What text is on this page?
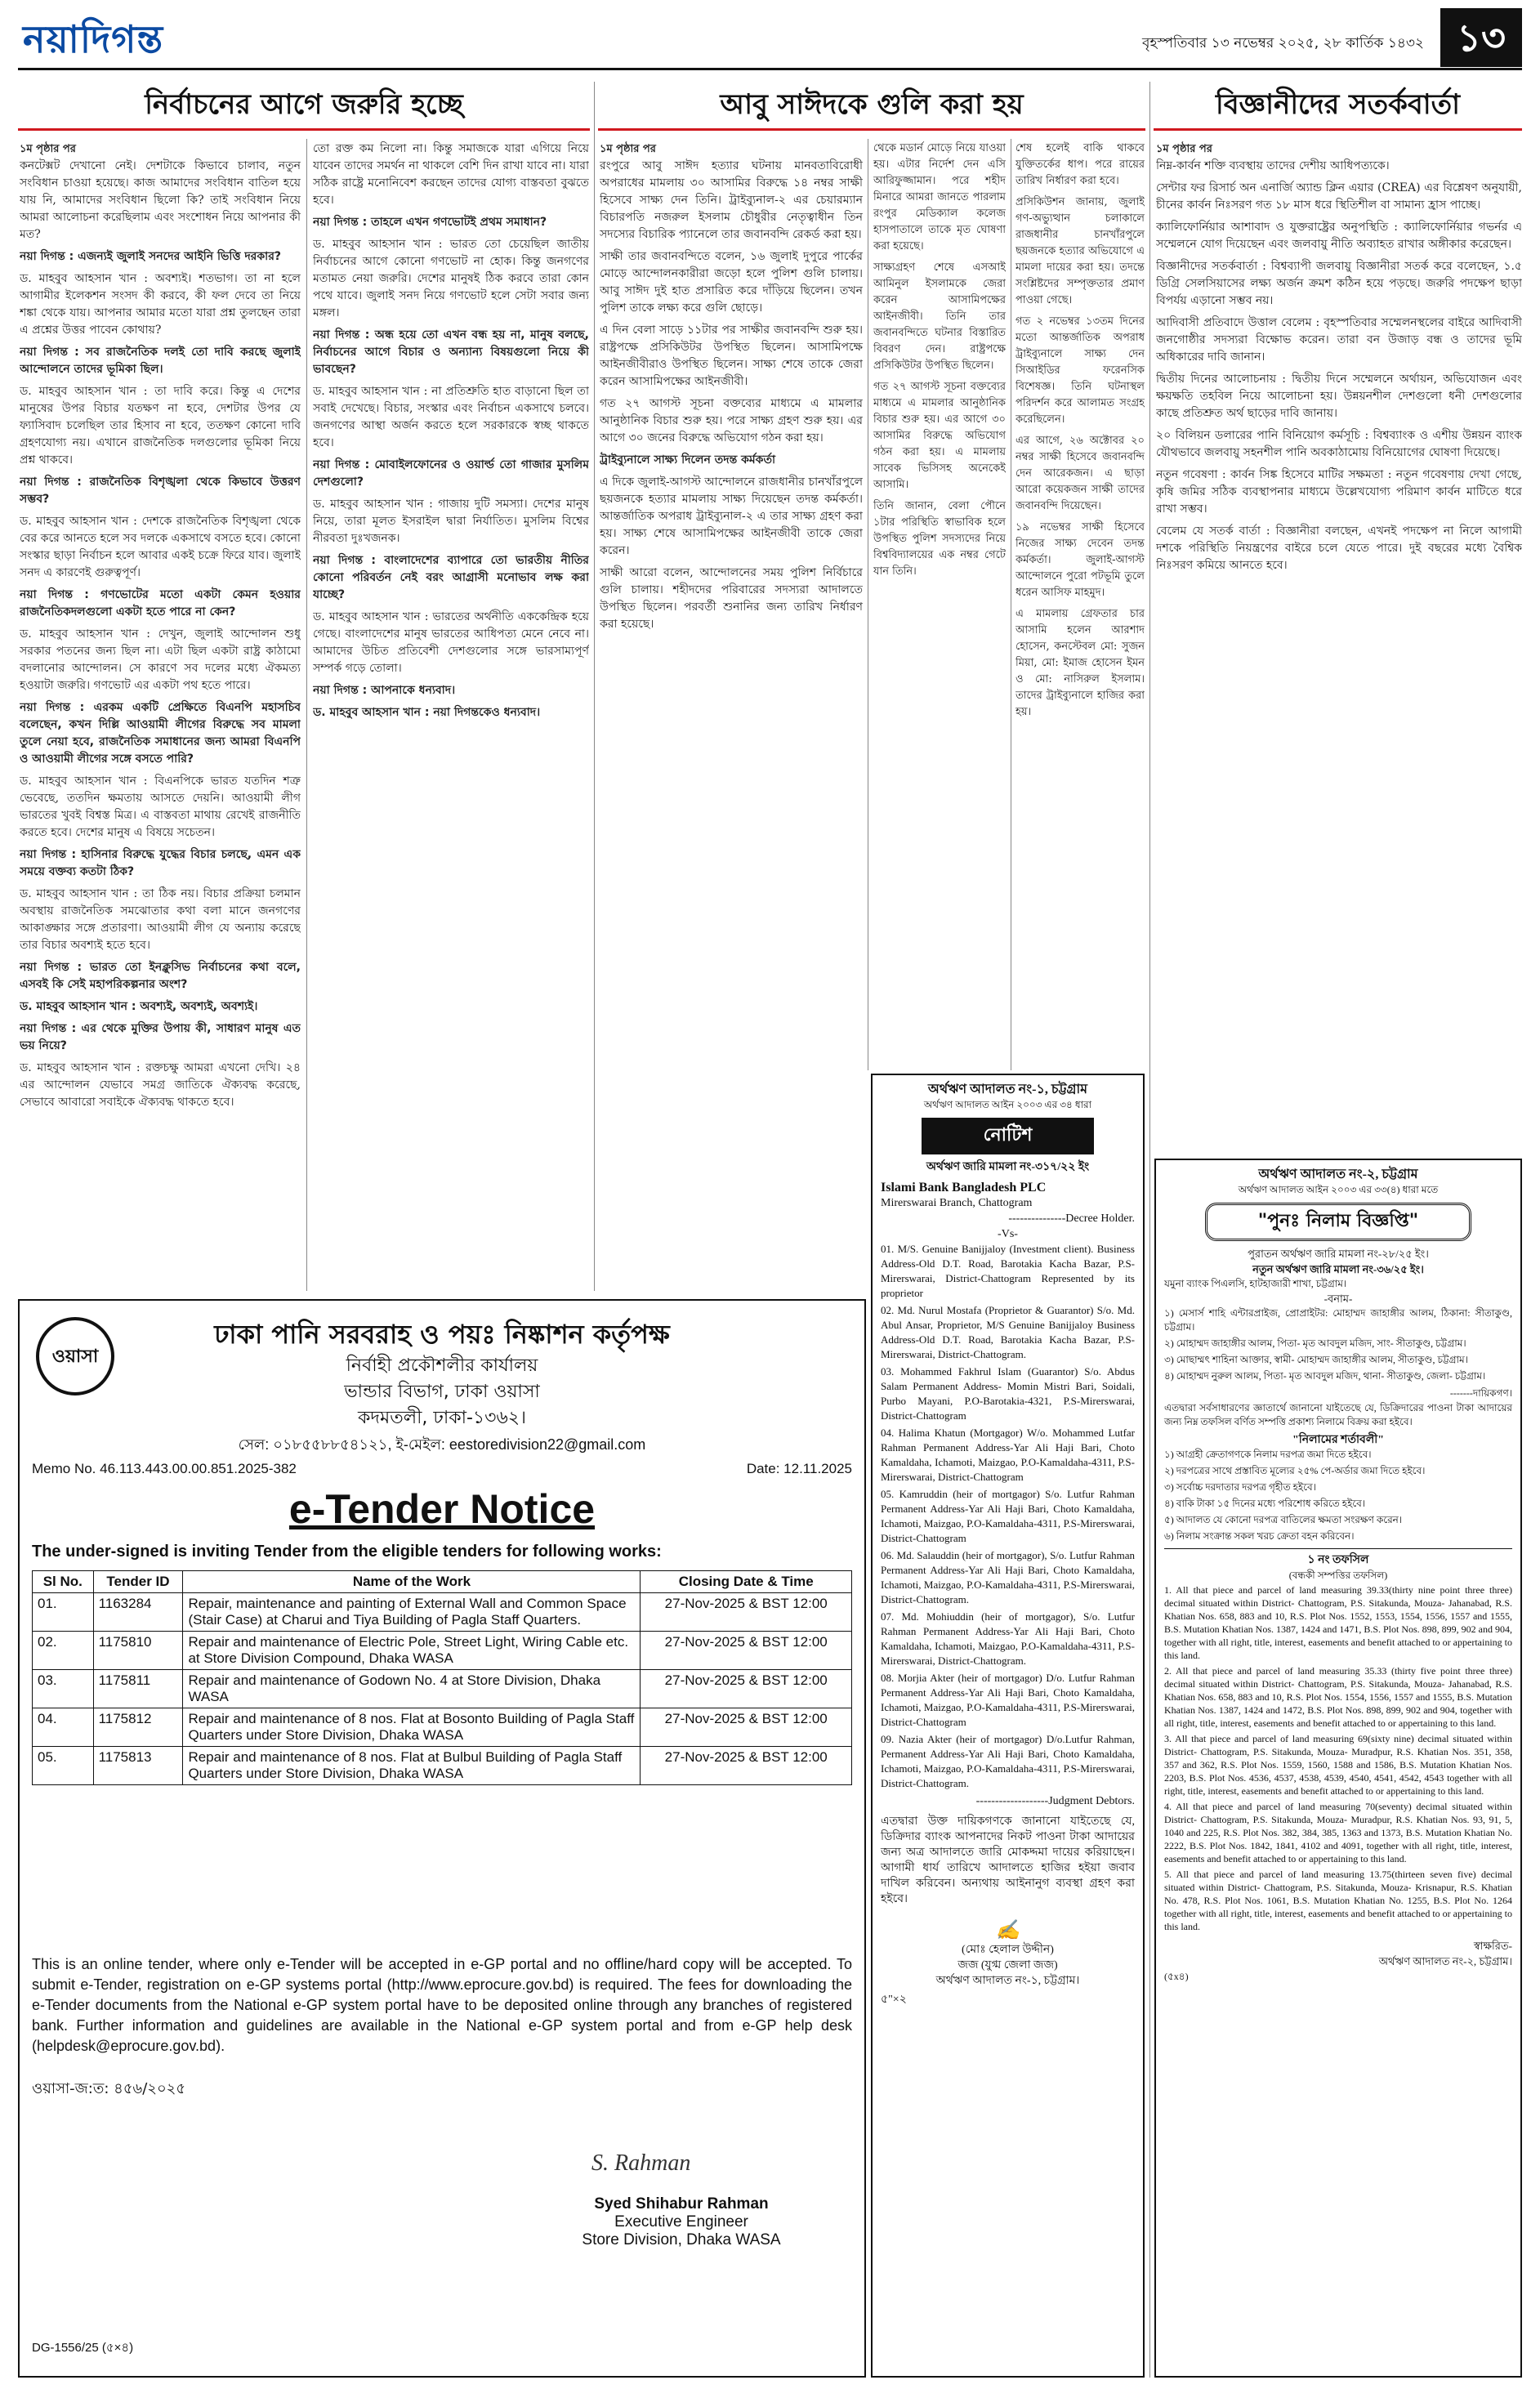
নয়াদিগন্ত	বৃহস্পতিবার ১৩ নভেম্বর ২০২৫, ২৮ কার্তিক ১৪৩২ ১৩
নির্বাচনের আগে জরুরি হচ্ছে	আবু সাঈদকে গুলি করা হয়	বিজ্ঞানীদের সতর্কবার্তা
১ম পৃষ্ঠার পর

কনটেক্সট দেখানো নেই। দেশটাকে কিভাবে চালাব, নতুন সংবিধান চাওয়া হয়েছে। কাজ আমাদের সংবিধান বাতিল হয়ে যায় নি, আমাদের সংবিধান ছিলো কি? তাই সংবিধান নিয়ে আমরা আলোচনা করেছিলাম এবং সংশোধন নিয়ে আপনার কী মত?

নয়া দিগন্ত : এজন্যই জুলাই সনদের আইনি ভিত্তি দরকার?

ড. মাহবুব আহসান খান : অবশ্যই। শতভাগ। তা না হলে আগামীর ইলেকশন সংসদ কী করবে, কী ফল দেবে তা নিয়ে শঙ্কা থেকে যায়। আপনার আমার মতো যারা প্রশ্ন তুলছেন তারা এ প্রশ্নের উত্তর পাবেন কোথায়?

নয়া দিগন্ত : সব রাজনৈতিক দলই তো দাবি করছে জুলাই আন্দোলনে তাদের ভূমিকা ছিল।

ড. মাহবুব আহসান খান : তা দাবি করে। কিন্তু এ দেশের মানুষের উপর বিচার যতক্ষণ না হবে, দেশটার উপর যে ফ্যাসিবাদ চলেছিল তার হিসাব না হবে, ততক্ষণ কোনো দাবি গ্রহণযোগ্য নয়। এখানে রাজনৈতিক দলগুলোর ভূমিকা নিয়ে প্রশ্ন থাকবে।

নয়া দিগন্ত : রাজনৈতিক বিশৃঙ্খলা থেকে কিভাবে উত্তরণ সম্ভব?

ড. মাহবুব আহসান খান : দেশকে রাজনৈতিক বিশৃঙ্খলা থেকে বের করে আনতে হলে সব দলকে একসাথে বসতে হবে। কোনো সংস্কার ছাড়া নির্বাচন হলে আবার একই চক্রে ফিরে যাব। জুলাই সনদ এ কারণেই গুরুত্বপূর্ণ।

নয়া দিগন্ত : গণভোটের মতো একটা কেমন হওয়ার রাজনৈতিকদলগুলো একটা হতে পারে না কেন?

ড. মাহবুব আহসান খান : দেখুন, জুলাই আন্দোলন শুধু সরকার পতনের জন্য ছিল না। এটা ছিল একটা রাষ্ট্র কাঠামো বদলানোর আন্দোলন। সে কারণে সব দলের মধ্যে ঐকমত্য হওয়াটা জরুরি। গণভোট এর একটা পথ হতে পারে।

নয়া দিগন্ত : এরকম একটি প্রেক্ষিতে বিএনপি মহাসচিব বলেছেন, কখন দিল্লি আওয়ামী লীগের বিরুদ্ধে সব মামলা তুলে নেয়া হবে, রাজনৈতিক সমাধানের জন্য আমরা বিএনপি ও আওয়ামী লীগের সঙ্গে বসতে পারি?

ড. মাহবুব আহসান খান : বিএনপিকে ভারত যতদিন শত্রু ভেবেছে, ততদিন ক্ষমতায় আসতে দেয়নি। আওয়ামী লীগ ভারতের খুবই বিশ্বস্ত মিত্র। এ বাস্তবতা মাথায় রেখেই রাজনীতি করতে হবে। দেশের মানুষ এ বিষয়ে সচেতন।

নয়া দিগন্ত : হাসিনার বিরুদ্ধে যুদ্ধের বিচার চলছে, এমন এক সময়ে বক্তব্য কতটা ঠিক?

ড. মাহবুব আহসান খান : তা ঠিক নয়। বিচার প্রক্রিয়া চলমান অবস্থায় রাজনৈতিক সমঝোতার কথা বলা মানে জনগণের আকাঙ্ক্ষার সঙ্গে প্রতারণা। আওয়ামী লীগ যে অন্যায় করেছে তার বিচার অবশ্যই হতে হবে।

নয়া দিগন্ত : ভারত তো ইনক্লুসিভ নির্বাচনের কথা বলে, এসবই কি সেই মহাপরিকল্পনার অংশ?

ড. মাহবুব আহসান খান : অবশ্যই, অবশ্যই, অবশ্যই।

নয়া দিগন্ত : এর থেকে মুক্তির উপায় কী, সাধারণ মানুষ এত ভয় নিয়ে?

ড. মাহবুব আহসান খান : রক্তচক্ষু আমরা এখনো দেখি। ২৪ এর আন্দোলন যেভাবে সমগ্র জাতিকে ঐক্যবদ্ধ করেছে, সেভাবে আবারো সবাইকে ঐক্যবদ্ধ থাকতে হবে।

তো রক্ত কম নিলো না। কিন্তু সমাজকে যারা এগিয়ে নিয়ে যাবেন তাদের সমর্থন না থাকলে বেশি দিন রাখা যাবে না। যারা সঠিক রাষ্ট্রে মনোনিবেশ করছেন তাদের যোগ্য বাস্তবতা বুঝতে হবে।

নয়া দিগন্ত : তাহলে এখন গণভোটই প্রথম সমাধান?

ড. মাহবুব আহসান খান : ভারত তো চেয়েছিল জাতীয় নির্বাচনের আগে কোনো গণভোট না হোক। কিন্তু জনগণের মতামত নেয়া জরুরি। দেশের মানুষই ঠিক করবে তারা কোন পথে যাবে। জুলাই সনদ নিয়ে গণভোট হলে সেটা সবার জন্য মঙ্গল।

নয়া দিগন্ত : অন্ধ হয়ে তো এখন বন্ধ হয় না, মানুষ বলছে, নির্বাচনের আগে বিচার ও অন্যান্য বিষয়গুলো নিয়ে কী ভাবছেন?

ড. মাহবুব আহসান খান : না প্রতিশ্রুতি হাত বাড়ানো ছিল তা সবাই দেখেছে। বিচার, সংস্কার এবং নির্বাচন একসাথে চলবে। জনগণের আস্থা অর্জন করতে হলে সরকারকে স্বচ্ছ থাকতে হবে।

নয়া দিগন্ত : মোবাইলফোনের ও ওয়ার্ল্ড তো গাজার মুসলিম দেশগুলো?

ড. মাহবুব আহসান খান : গাজায় দুটি সমস্যা। দেশের মানুষ নিয়ে, তারা মূলত ইসরাইল দ্বারা নির্যাতিত। মুসলিম বিশ্বের নীরবতা দুঃখজনক।

নয়া দিগন্ত : বাংলাদেশের ব্যাপারে তো ভারতীয় নীতির কোনো পরিবর্তন নেই বরং আগ্রাসী মনোভাব লক্ষ করা যাচ্ছে?

ড. মাহবুব আহসান খান : ভারতের অর্থনীতি এককেন্দ্রিক হয়ে গেছে। বাংলাদেশের মানুষ ভারতের আধিপত্য মেনে নেবে না। আমাদের উচিত প্রতিবেশী দেশগুলোর সঙ্গে ভারসাম্যপূর্ণ সম্পর্ক গড়ে তোলা।

নয়া দিগন্ত : আপনাকে ধন্যবাদ।

ড. মাহবুব আহসান খান : নয়া দিগন্তকেও ধন্যবাদ।

১ম পৃষ্ঠার পর

রংপুরে আবু সাঈদ হত্যার ঘটনায় মানবতাবিরোধী অপরাধের মামলায় ৩০ আসামির বিরুদ্ধে ১৪ নম্বর সাক্ষী হিসেবে সাক্ষ্য দেন তিনি। ট্রাইব্যুনাল-২ এর চেয়ারম্যান বিচারপতি নজরুল ইসলাম চৌধুরীর নেতৃত্বাধীন তিন সদস্যের বিচারিক প্যানেলে তার জবানবন্দি রেকর্ড করা হয়।

সাক্ষী তার জবানবন্দিতে বলেন, ১৬ জুলাই দুপুরে পার্কের মোড়ে আন্দোলনকারীরা জড়ো হলে পুলিশ গুলি চালায়। আবু সাঈদ দুই হাত প্রসারিত করে দাঁড়িয়ে ছিলেন। তখন পুলিশ তাকে লক্ষ্য করে গুলি ছোড়ে।

এ দিন বেলা সাড়ে ১১টার পর সাক্ষীর জবানবন্দি শুরু হয়। রাষ্ট্রপক্ষে প্রসিকিউটর উপস্থিত ছিলেন। আসামিপক্ষে আইনজীবীরাও উপস্থিত ছিলেন। সাক্ষ্য শেষে তাকে জেরা করেন আসামিপক্ষের আইনজীবী।

গত ২৭ আগস্ট সূচনা বক্তব্যের মাধ্যমে এ মামলার আনুষ্ঠানিক বিচার শুরু হয়। পরে সাক্ষ্য গ্রহণ শুরু হয়। এর আগে ৩০ জনের বিরুদ্ধে অভিযোগ গঠন করা হয়।

ট্রাইব্যুনালে সাক্ষ্য দিলেন তদন্ত কর্মকর্তা

এ দিকে জুলাই-আগস্ট আন্দোলনে রাজধানীর চানখাঁরপুলে ছয়জনকে হত্যার মামলায় সাক্ষ্য দিয়েছেন তদন্ত কর্মকর্তা। আন্তর্জাতিক অপরাধ ট্রাইব্যুনাল-২ এ তার সাক্ষ্য গ্রহণ করা হয়। সাক্ষ্য শেষে আসামিপক্ষের আইনজীবী তাকে জেরা করেন।

সাক্ষী আরো বলেন, আন্দোলনের সময় পুলিশ নির্বিচারে গুলি চালায়। শহীদদের পরিবারের সদস্যরা আদালতে উপস্থিত ছিলেন। পরবর্তী শুনানির জন্য তারিখ নির্ধারণ করা হয়েছে।

থেকে মডার্ন মোড়ে নিয়ে যাওয়া হয়। এটার নির্দেশ দেন এসি আরিফুজ্জামান। পরে শহীদ মিনারে আমরা জানতে পারলাম রংপুর মেডিক্যাল কলেজ হাসপাতালে তাকে মৃত ঘোষণা করা হয়েছে।

সাক্ষ্যগ্রহণ শেষে এসআই আমিনুল ইসলামকে জেরা করেন আসামিপক্ষের আইনজীবী। তিনি তার জবানবন্দিতে ঘটনার বিস্তারিত বিবরণ দেন। রাষ্ট্রপক্ষে প্রসিকিউটর উপস্থিত ছিলেন।

গত ২৭ আগস্ট সূচনা বক্তব্যের মাধ্যমে এ মামলার আনুষ্ঠানিক বিচার শুরু হয়। এর আগে ৩০ আসামির বিরুদ্ধে অভিযোগ গঠন করা হয়। এ মামলায় সাবেক ভিসিসহ অনেকেই আসামি।

তিনি জানান, বেলা পৌনে ১টার পরিস্থিতি স্বাভাবিক হলে উপস্থিত পুলিশ সদস্যদের নিয়ে বিশ্ববিদ্যালয়ের এক নম্বর গেটে যান তিনি।

শেষ হলেই বাকি থাকবে যুক্তিতর্কের ধাপ। পরে রায়ের তারিখ নির্ধারণ করা হবে।

প্রসিকিউশন জানায়, জুলাই গণ-অভ্যুত্থান চলাকালে রাজধানীর চানখাঁরপুলে ছয়জনকে হত্যার অভিযোগে এ মামলা দায়ের করা হয়। তদন্তে সংশ্লিষ্টদের সম্পৃক্ততার প্রমাণ পাওয়া গেছে।

গত ২ নভেম্বর ১৩তম দিনের মতো আন্তর্জাতিক অপরাধ ট্রাইব্যুনালে সাক্ষ্য দেন সিআইডির ফরেনসিক বিশেষজ্ঞ। তিনি ঘটনাস্থল পরিদর্শন করে আলামত সংগ্রহ করেছিলেন।

এর আগে, ২৬ অক্টোবর ২০ নম্বর সাক্ষী হিসেবে জবানবন্দি দেন আরেকজন। এ ছাড়া আরো কয়েকজন সাক্ষী তাদের জবানবন্দি দিয়েছেন।

১৯ নভেম্বর সাক্ষী হিসেবে নিজের সাক্ষ্য দেবেন তদন্ত কর্মকর্তা। জুলাই-আগস্ট আন্দোলনে পুরো পটভূমি তুলে ধরেন আসিফ মাহমুদ।

এ মামলায় গ্রেফতার চার আসামি হলেন আরশাদ হোসেন, কনস্টেবল মো: সুজন মিয়া, মো: ইমাজ হোসেন ইমন ও মো: নাসিরুল ইসলাম। তাদের ট্রাইব্যুনালে হাজির করা হয়।

১ম পৃষ্ঠার পর

নিম্ন-কার্বন শক্তি ব্যবস্থায় তাদের দেশীয় আধিপত্যকে।

সেন্টার ফর রিসার্চ অন এনার্জি অ্যান্ড ক্লিন এয়ার (CREA) এর বিশ্লেষণ অনুযায়ী, চীনের কার্বন নিঃসরণ গত ১৮ মাস ধরে স্থিতিশীল বা সামান্য হ্রাস পাচ্ছে।

ক্যালিফোর্নিয়ার আশাবাদ ও যুক্তরাষ্ট্রের অনুপস্থিতি : ক্যালিফোর্নিয়ার গভর্নর এ সম্মেলনে যোগ দিয়েছেন এবং জলবায়ু নীতি অব্যাহত রাখার অঙ্গীকার করেছেন।

বিজ্ঞানীদের সতর্কবার্তা : বিশ্বব্যাপী জলবায়ু বিজ্ঞানীরা সতর্ক করে বলেছেন, ১.৫ ডিগ্রি সেলসিয়াসের লক্ষ্য অর্জন ক্রমশ কঠিন হয়ে পড়ছে। জরুরি পদক্ষেপ ছাড়া বিপর্যয় এড়ানো সম্ভব নয়।

আদিবাসী প্রতিবাদে উত্তাল বেলেম : বৃহস্পতিবার সম্মেলনস্থলের বাইরে আদিবাসী জনগোষ্ঠীর সদস্যরা বিক্ষোভ করেন। তারা বন উজাড় বন্ধ ও তাদের ভূমি অধিকারের দাবি জানান।

দ্বিতীয় দিনের আলোচনায় : দ্বিতীয় দিনে সম্মেলনে অর্থায়ন, অভিযোজন এবং ক্ষয়ক্ষতি তহবিল নিয়ে আলোচনা হয়। উন্নয়নশীল দেশগুলো ধনী দেশগুলোর কাছে প্রতিশ্রুত অর্থ ছাড়ের দাবি জানায়।

২০ বিলিয়ন ডলারের পানি বিনিয়োগ কর্মসূচি : বিশ্বব্যাংক ও এশীয় উন্নয়ন ব্যাংক যৌথভাবে জলবায়ু সহনশীল পানি অবকাঠামোয় বিনিয়োগের ঘোষণা দিয়েছে।

নতুন গবেষণা : কার্বন সিঙ্ক হিসেবে মাটির সক্ষমতা : নতুন গবেষণায় দেখা গেছে, কৃষি জমির সঠিক ব্যবস্থাপনার মাধ্যমে উল্লেখযোগ্য পরিমাণ কার্বন মাটিতে ধরে রাখা সম্ভব।

বেলেম যে সতর্ক বার্তা : বিজ্ঞানীরা বলছেন, এখনই পদক্ষেপ না নিলে আগামী দশকে পরিস্থিতি নিয়ন্ত্রণের বাইরে চলে যেতে পারে। দুই বছরের মধ্যে বৈশ্বিক নিঃসরণ কমিয়ে আনতে হবে।

অর্থঋণ আদালত নং-১, চট্টগ্রাম
অর্থঋণ আদালত আইন ২০০৩ এর ৩৪ ধারা
নোটিশ
অর্থঋণ জারি মামলা নং-৩১৭/২২ ইং
Islami Bank Bangladesh PLC
Mirerswarai Branch, Chattogram
---------------Decree Holder.
-Vs-
01. M/S. Genuine Banijjaloy (Investment client). Business Address-Old D.T. Road, Barotakia Kacha Bazar, P.S-Mirerswarai, District-Chattogram Represented by its proprietor
02. Md. Nurul Mostafa (Proprietor & Guarantor) S/o. Md. Abul Ansar, Proprietor, M/S Genuine Banijjaloy Business Address-Old D.T. Road, Barotakia Kacha Bazar, P.S-Mirerswarai, District-Chattogram.
03. Mohammed Fakhrul Islam (Guarantor) S/o. Abdus Salam Permanent Address- Momin Mistri Bari, Soidali, Purbo Mayani, P.O-Barotakia-4321, P.S-Mirerswarai, District-Chattogram
04. Halima Khatun (Mortgagor) W/o. Mohammed Lutfar Rahman Permanent Address-Yar Ali Haji Bari, Choto Kamaldaha, Ichamoti, Maizgao, P.O-Kamaldaha-4311, P.S-Mirerswarai, District-Chattogram
05. Kamruddin (heir of mortgagor) S/o. Lutfur Rahman Permanent Address-Yar Ali Haji Bari, Choto Kamaldaha, Ichamoti, Maizgao, P.O-Kamaldaha-4311, P.S-Mirerswarai, District-Chattogram
06. Md. Salauddin (heir of mortgagor), S/o. Lutfur Rahman Permanent Address-Yar Ali Haji Bari, Choto Kamaldaha, Ichamoti, Maizgao, P.O-Kamaldaha-4311, P.S-Mirerswarai, District-Chattogram.
07. Md. Mohiuddin (heir of mortgagor), S/o. Lutfur Rahman Permanent Address-Yar Ali Haji Bari, Choto Kamaldaha, Ichamoti, Maizgao, P.O-Kamaldaha-4311, P.S-Mirerswarai, District-Chattogram.
08. Morjia Akter (heir of mortgagor) D/o. Lutfur Rahman Permanent Address-Yar Ali Haji Bari, Choto Kamaldaha, Ichamoti, Maizgao, P.O-Kamaldaha-4311, P.S-Mirerswarai, District-Chattogram
09. Nazia Akter (heir of mortgagor) D/o.Lutfur Rahman, Permanent Address-Yar Ali Haji Bari, Choto Kamaldaha, Ichamoti, Maizgao, P.O-Kamaldaha-4311, P.S-Mirerswarai, District-Chattogram.
-------------------Judgment Debtors.
এতদ্বারা উক্ত দায়িকগণকে জানানো যাইতেছে যে, ডিক্রিদার ব্যাংক আপনাদের নিকট পাওনা টাকা আদায়ের জন্য অত্র আদালতে জারি মোকদ্দমা দায়ের করিয়াছেন। আগামী ধার্য তারিখে আদালতে হাজির হইয়া জবাব দাখিল করিবেন। অন্যথায় আইনানুগ ব্যবস্থা গ্রহণ করা হইবে।
✍
(মোঃ হেলাল উদ্দীন)
জজ (যুগ্ম জেলা জজ)
অর্থঋণ আদালত নং-১, চট্টগ্রাম।
৫"×২
ওয়াসা
ঢাকা পানি সরবরাহ ও পয়ঃ নিষ্কাশন কর্তৃপক্ষ
নির্বাহী প্রকৌশলীর কার্যালয়
ভান্ডার বিভাগ, ঢাকা ওয়াসা
কদমতলী, ঢাকা-১৩৬২।
সেল: ০১৮৫৫৮৮৫৪১২১, ই-মেইল: eestoredivision22@gmail.com
Memo No. 46.113.443.00.00.851.2025-382	Date: 12.11.2025
e-Tender Notice
The under-signed is inviting Tender from the eligible tenders for following works:
Sl No.	Tender ID	Name of the Work	Closing Date & Time
01.	1163284	Repair, maintenance and painting of External Wall and Common Space (Stair Case) at Charui and Tiya Building of Pagla Staff Quarters.	27-Nov-2025 & BST 12:00
02.	1175810	Repair and maintenance of Electric Pole, Street Light, Wiring Cable etc. at Store Division Compound, Dhaka WASA	27-Nov-2025 & BST 12:00
03.	1175811	Repair and maintenance of Godown No. 4 at Store Division, Dhaka WASA	27-Nov-2025 & BST 12:00
04.	1175812	Repair and maintenance of 8 nos. Flat at Bosonto Building of Pagla Staff Quarters under Store Division, Dhaka WASA	27-Nov-2025 & BST 12:00
05.	1175813	Repair and maintenance of 8 nos. Flat at Bulbul Building of Pagla Staff Quarters under Store Division, Dhaka WASA	27-Nov-2025 & BST 12:00
This is an online tender, where only e-Tender will be accepted in e-GP portal and no offline/hard copy will be accepted. To submit e-Tender, registration on e-GP systems portal (http://www.eprocure.gov.bd) is required. The fees for downloading the e-Tender documents from the National e-GP system portal have to be deposited online through any branches of registered bank. Further information and guidelines are available in the National e-GP system portal and from e-GP help desk (helpdesk@eprocure.gov.bd).
ওয়াসা-জ:ত: ৪৫৬/২০২৫
S. Rahman
Syed Shihabur Rahman
Executive Engineer
Store Division, Dhaka WASA
DG-1556/25 (৫×৪)
অর্থঋণ আদালত নং-২, চট্টগ্রাম
অর্থঋণ আদালত আইন ২০০৩ এর ৩৩(৪) ধারা মতে
"পুনঃ নিলাম বিজ্ঞপ্তি"
পুরাতন অর্থঋণ জারি মামলা নং-২৮/২৫ ইং।
নতুন অর্থঋণ জারি মামলা নং-৩৬/২৫ ইং।
যমুনা ব্যাংক পিএলসি, হাটহাজারী শাখা, চট্টগ্রাম।
-বনাম-
১) মেসার্স শাহি এন্টারপ্রাইজ, প্রোপ্রাইটর: মোহাম্মদ জাহাঙ্গীর আলম, ঠিকানা: সীতাকুণ্ড, চট্টগ্রাম।
২) মোহাম্মদ জাহাঙ্গীর আলম, পিতা- মৃত আবদুল মজিদ, সাং- সীতাকুণ্ড, চট্টগ্রাম।
৩) মোছাম্মৎ শাহিনা আক্তার, স্বামী- মোহাম্মদ জাহাঙ্গীর আলম, সীতাকুণ্ড, চট্টগ্রাম।
৪) মোহাম্মদ নুরুল আলম, পিতা- মৃত আবদুল মজিদ, থানা- সীতাকুণ্ড, জেলা- চট্টগ্রাম।
-------দায়িকগণ।
এতদ্বারা সর্বসাধারণের জ্ঞাতার্থে জানানো যাইতেছে যে, ডিক্রিদারের পাওনা টাকা আদায়ের জন্য নিম্ন তফসিল বর্ণিত সম্পত্তি প্রকাশ্য নিলামে বিক্রয় করা হইবে।
"নিলামের শর্তাবলী"
১) আগ্রহী ক্রেতাগণকে নিলাম দরপত্র জমা দিতে হইবে।
২) দরপত্রের সাথে প্রস্তাবিত মূল্যের ২৫% পে-অর্ডার জমা দিতে হইবে।
৩) সর্বোচ্চ দরদাতার দরপত্র গৃহীত হইবে।
৪) বাকি টাকা ১৫ দিনের মধ্যে পরিশোধ করিতে হইবে।
৫) আদালত যে কোনো দরপত্র বাতিলের ক্ষমতা সংরক্ষণ করেন।
৬) নিলাম সংক্রান্ত সকল খরচ ক্রেতা বহন করিবেন।
১ নং তফসিল
(বন্ধকী সম্পত্তির তফসিল)
1. All that piece and parcel of land measuring 39.33(thirty nine point three three) decimal situated within District- Chattogram, P.S. Sitakunda, Mouza- Jahanabad, R.S. Khatian Nos. 658, 883 and 10, R.S. Plot Nos. 1552, 1553, 1554, 1556, 1557 and 1555, B.S. Mutation Khatian Nos. 1387, 1424 and 1471, B.S. Plot Nos. 898, 899, 902 and 904, together with all right, title, interest, easements and benefit attached to or appertaining to this land.
2. All that piece and parcel of land measuring 35.33 (thirty five point three three) decimal situated within District- Chattogram, P.S. Sitakunda, Mouza- Jahanabad, R.S. Khatian Nos. 658, 883 and 10, R.S. Plot Nos. 1554, 1556, 1557 and 1555, B.S. Mutation Khatian Nos. 1387, 1424 and 1472, B.S. Plot Nos. 898, 899, 902 and 904, together with all right, title, interest, easements and benefit attached to or appertaining to this land.
3. All that piece and parcel of land measuring 69(sixty nine) decimal situated within District- Chattogram, P.S. Sitakunda, Mouza- Muradpur, R.S. Khatian Nos. 351, 358, 357 and 362, R.S. Plot Nos. 1559, 1560, 1588 and 1586, B.S. Mutation Khatian Nos. 2203, B.S. Plot Nos. 4536, 4537, 4538, 4539, 4540, 4541, 4542, 4543 together with all right, title, interest, easements and benefit attached to or appertaining to this land.
4. All that piece and parcel of land measuring 70(seventy) decimal situated within District- Chattogram, P.S. Sitakunda, Mouza- Muradpur, R.S. Khatian Nos. 93, 91, 5, 1040 and 225, R.S. Plot Nos. 382, 384, 385, 1363 and 1373, B.S. Mutation Khatian No. 2222, B.S. Plot Nos. 1842, 1841, 4102 and 4091, together with all right, title, interest, easements and benefit attached to or appertaining to this land.
5. All that piece and parcel of land measuring 13.75(thirteen seven five) decimal situated within District- Chattogram, P.S. Sitakunda, Mouza- Krisnapur, R.S. Khatian No. 478, R.S. Plot Nos. 1061, B.S. Mutation Khatian No. 1255, B.S. Plot No. 1264 together with all right, title, interest, easements and benefit attached to or appertaining to this land.
স্বাক্ষরিত-
অর্থঋণ আদালত নং-২, চট্টগ্রাম।
(৫x৪)
